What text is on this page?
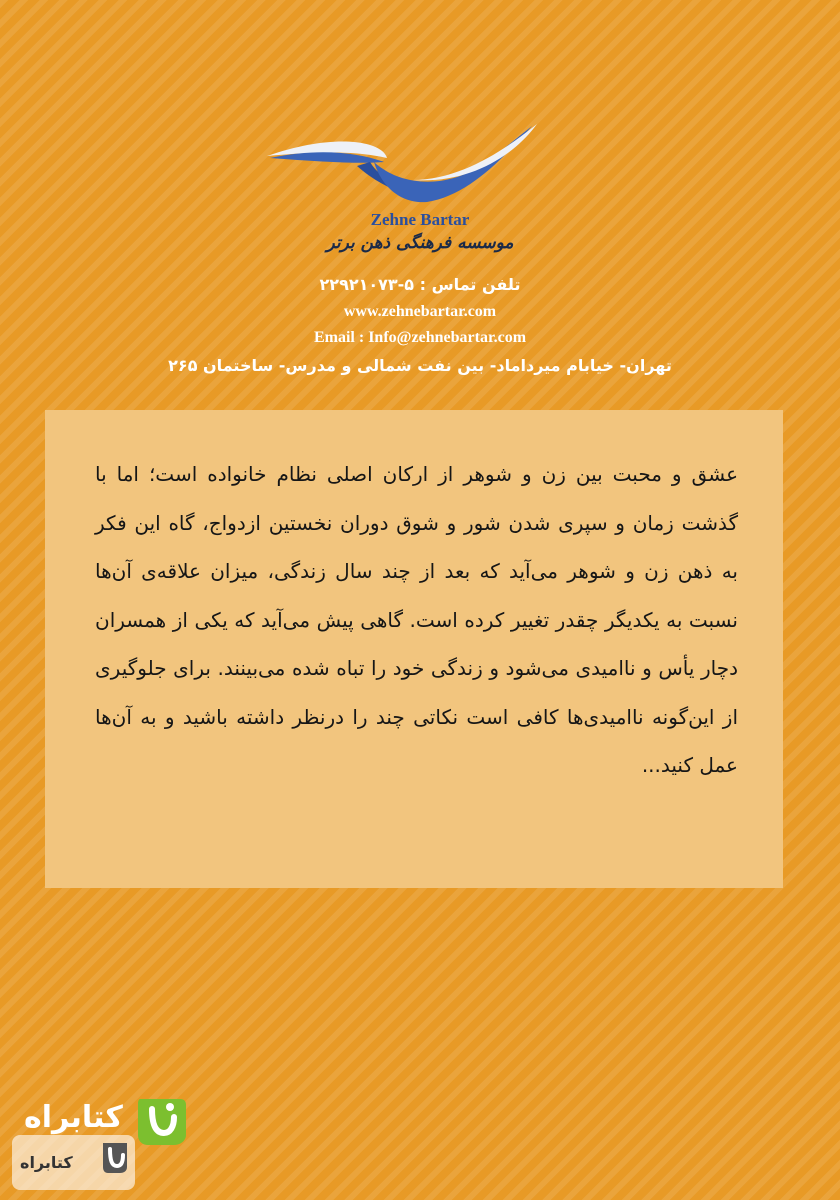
Zehne Bartar
موسسه فرهنگی ذهن برتر
تلفن تماس : ۵-۲۲۹۲۱۰۷۳
www.zehnebartar.com
Email : Info@zehnebartar.com
تهران- خیابام میرداماد- بین نفت شمالی و مدرس- ساختمان ۲۶۵

عشق و محبت بین زن و شوهر از ارکان اصلی نظام خانواده است؛ اما با گذشت زمان و سپری شدن شور و شوق دوران نخستین ازدواج، گاه این فکر به ذهن زن و شوهر می‌آید که بعد از چند سال زندگی، میزان علاقه‌ی آن‌ها نسبت به یکدیگر چقدر تغییر کرده است. گاهی پیش می‌آید که یکی از همسران دچار یأس و ناامیدی می‌شود و زندگی خود را تباه شده می‌بینند. برای جلوگیری از این‌گونه ناامیدی‌ها کافی است نکاتی چند را درنظر داشته باشید و به آن‌ها عمل کنید...

کتابراه
کتابراه
